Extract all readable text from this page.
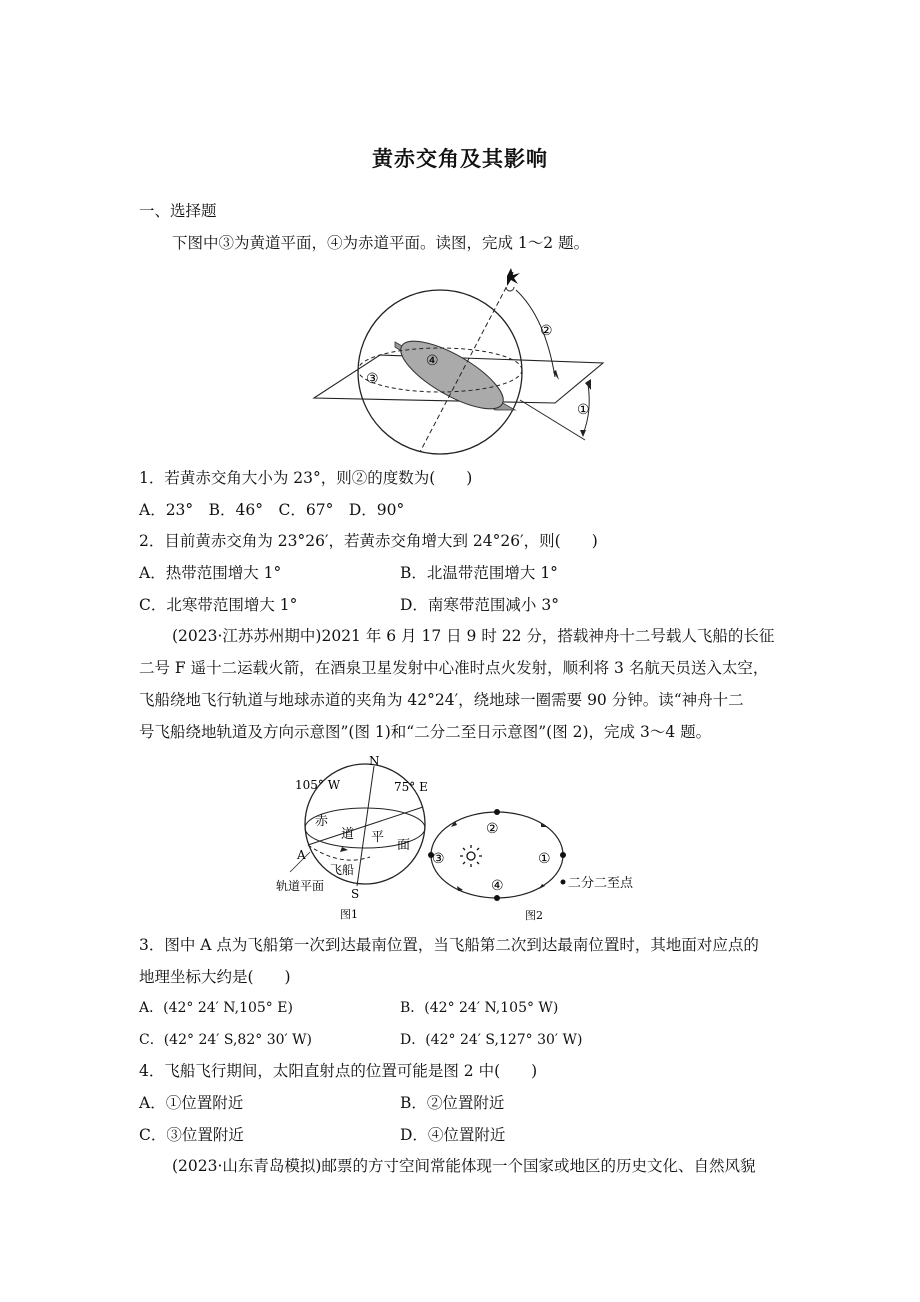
黄赤交角及其影响
一、选择题
下图中③为黄道平面，④为赤道平面。读图，完成 1～2 题。
②
④
③
①
1．若黄赤交角大小为 23°，则②的度数为(　　)
A．23°　B．46°　C．67°　D．90°
2．目前黄赤交角为 23°26′，若黄赤交角增大到 24°26′，则(　　)
A．热带范围增大 1°	B．北温带范围增大 1°
C．北寒带范围增大 1°	D．南寒带范围减小 3°
(2023·江苏苏州期中)2021 年 6 月 17 日 9 时 22 分，搭载神舟十二号载人飞船的长征
二号 F 遥十二运载火箭，在酒泉卫星发射中心准时点火发射，顺利将 3 名航天员送入太空，
飞船绕地飞行轨道与地球赤道的夹角为 42°24′，绕地球一圈需要 90 分钟。读“神舟十二
号飞船绕地轨道及方向示意图”(图 1)和“二分二至日示意图”(图 2)，完成 3～4 题。
N
S
105° W	75° E
赤
道 平
面
A
飞船
轨道平面
图1
②
③	①
④	二分二至点
图2
3．图中 A 点为飞船第一次到达最南位置，当飞船第二次到达最南位置时，其地面对应点的
地理坐标大约是(　　)
A．(42° 24′ N,105° E)	B．(42° 24′ N,105° W)
C．(42° 24′ S,82° 30′ W)	D．(42° 24′ S,127° 30′ W)
4．飞船飞行期间，太阳直射点的位置可能是图 2 中(　　)
A．①位置附近	B．②位置附近
C．③位置附近	D．④位置附近
(2023·山东青岛模拟)邮票的方寸空间常能体现一个国家或地区的历史文化、自然风貌
